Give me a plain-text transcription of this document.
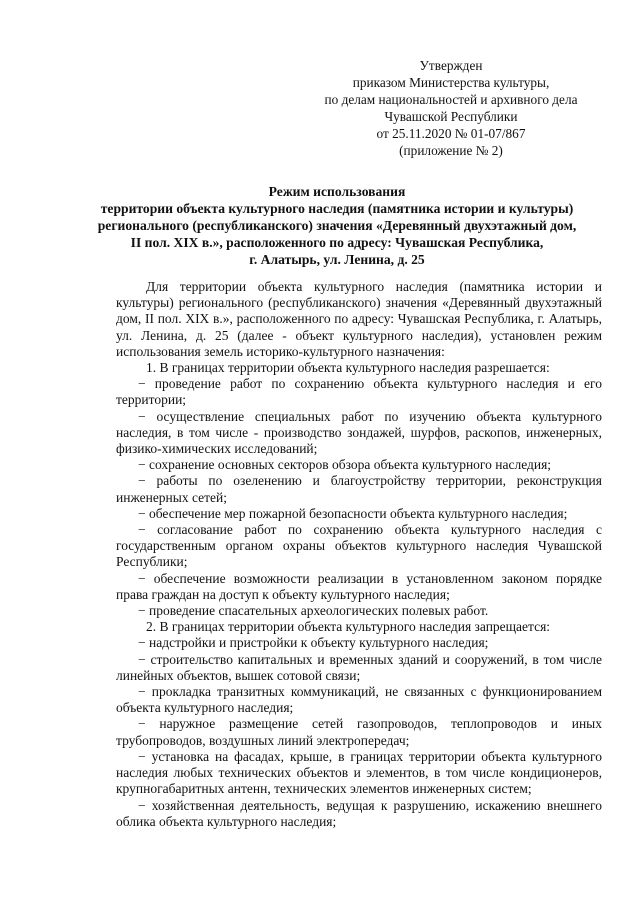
Утвержден
приказом Министерства культуры,
по делам национальностей и архивного дела
Чувашской Республики
от 25.11.2020 № 01-07/867
(приложение № 2)
Режим использования
территории объекта культурного наследия (памятника истории и культуры)
регионального (республиканского) значения «Деревянный двухэтажный дом,
II пол. XIX в.», расположенного по адресу: Чувашская Республика,
г. Алатырь, ул. Ленина, д. 25

Для территории объекта культурного наследия (памятника истории и культуры) регионального (республиканского) значения «Деревянный двухэтажный дом, II пол. XIX в.», расположенного по адресу: Чувашская Республика, г. Алатырь, ул. Ленина, д. 25 (далее - объект культурного наследия), установлен режим использования земель историко-культурного назначения:

1. В границах территории объекта культурного наследия разрешается:

− проведение работ по сохранению объекта культурного наследия и его территории;

− осуществление специальных работ по изучению объекта культурного наследия, в том числе - производство зондажей, шурфов, раскопов, инженерных, физико-химических исследований;

− сохранение основных секторов обзора объекта культурного наследия;

− работы по озеленению и благоустройству территории, реконструкция инженерных сетей;

− обеспечение мер пожарной безопасности объекта культурного наследия;

− согласование работ по сохранению объекта культурного наследия с государственным органом охраны объектов культурного наследия Чувашской Республики;

− обеспечение возможности реализации в установленном законом порядке права граждан на доступ к объекту культурного наследия;

− проведение спасательных археологических полевых работ.

2. В границах территории объекта культурного наследия запрещается:

− надстройки и пристройки к объекту культурного наследия;

− строительство капитальных и временных зданий и сооружений, в том числе линейных объектов, вышек сотовой связи;

− прокладка транзитных коммуникаций, не связанных с функционированием объекта культурного наследия;

− наружное размещение сетей газопроводов, теплопроводов и иных трубопроводов, воздушных линий электропередач;

− установка на фасадах, крыше, в границах территории объекта культурного наследия любых технических объектов и элементов, в том числе кондиционеров, крупногабаритных антенн, технических элементов инженерных систем;

− хозяйственная деятельность, ведущая к разрушению, искажению внешнего облика объекта культурного наследия;
